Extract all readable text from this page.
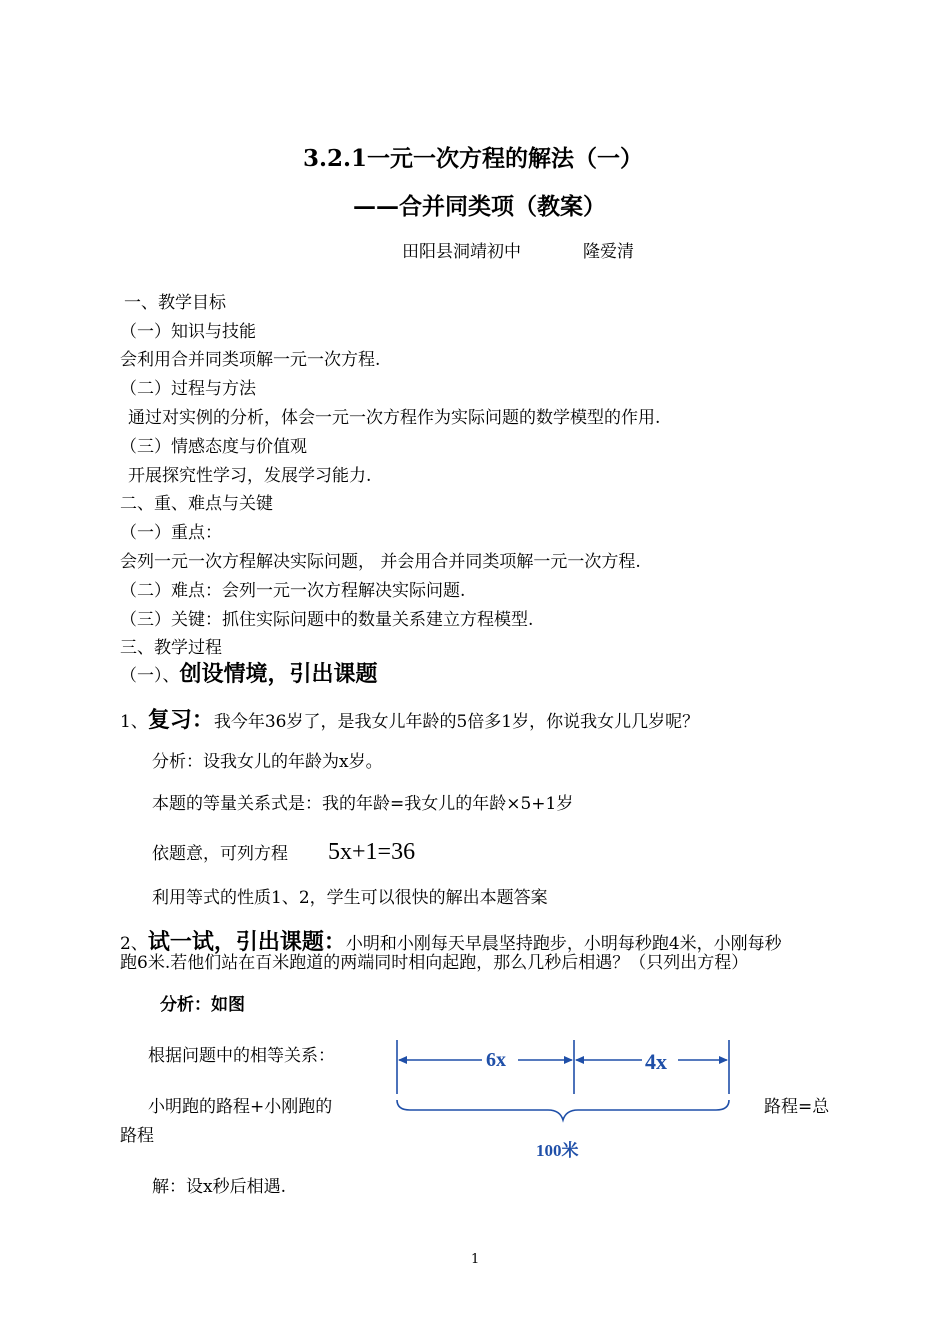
3.2.1一元一次方程的解法（一）
——合并同类项（教案）
田阳县洞靖初中	隆爱清
一、教学目标
（一）知识与技能
会利用合并同类项解一元一次方程.
（二）过程与方法
通过对实例的分析，体会一元一次方程作为实际问题的数学模型的作用.
（三）情感态度与价值观
开展探究性学习，发展学习能力.
二、重、难点与关键
（一）重点：
会列一元一次方程解决实际问题， 并会用合并同类项解一元一次方程.
（二）难点：会列一元一次方程解决实际问题.
（三）关键：抓住实际问题中的数量关系建立方程模型.
三、教学过程
（一）、创设情境，引出课题
1、复习：我今年36岁了，是我女儿年龄的5倍多1岁，你说我女儿几岁呢？
分析：设我女儿的年龄为x岁。
本题的等量关系式是：我的年龄=我女儿的年龄×5+1岁
依题意，可列方程 5x+1=36
利用等式的性质1、2，学生可以很快的解出本题答案
2、试一试，引出课题：小明和小刚每天早晨坚持跑步，小明每秒跑4米，小刚每秒
跑6米.若他们站在百米跑道的两端同时相向起跑，那么几秒后相遇？（只列出方程）
分析：如图
根据问题中的相等关系：
小明跑的路程+小刚跑的	路程=总
路程
解：设x秒后相遇.
6x	4x
100米
1
